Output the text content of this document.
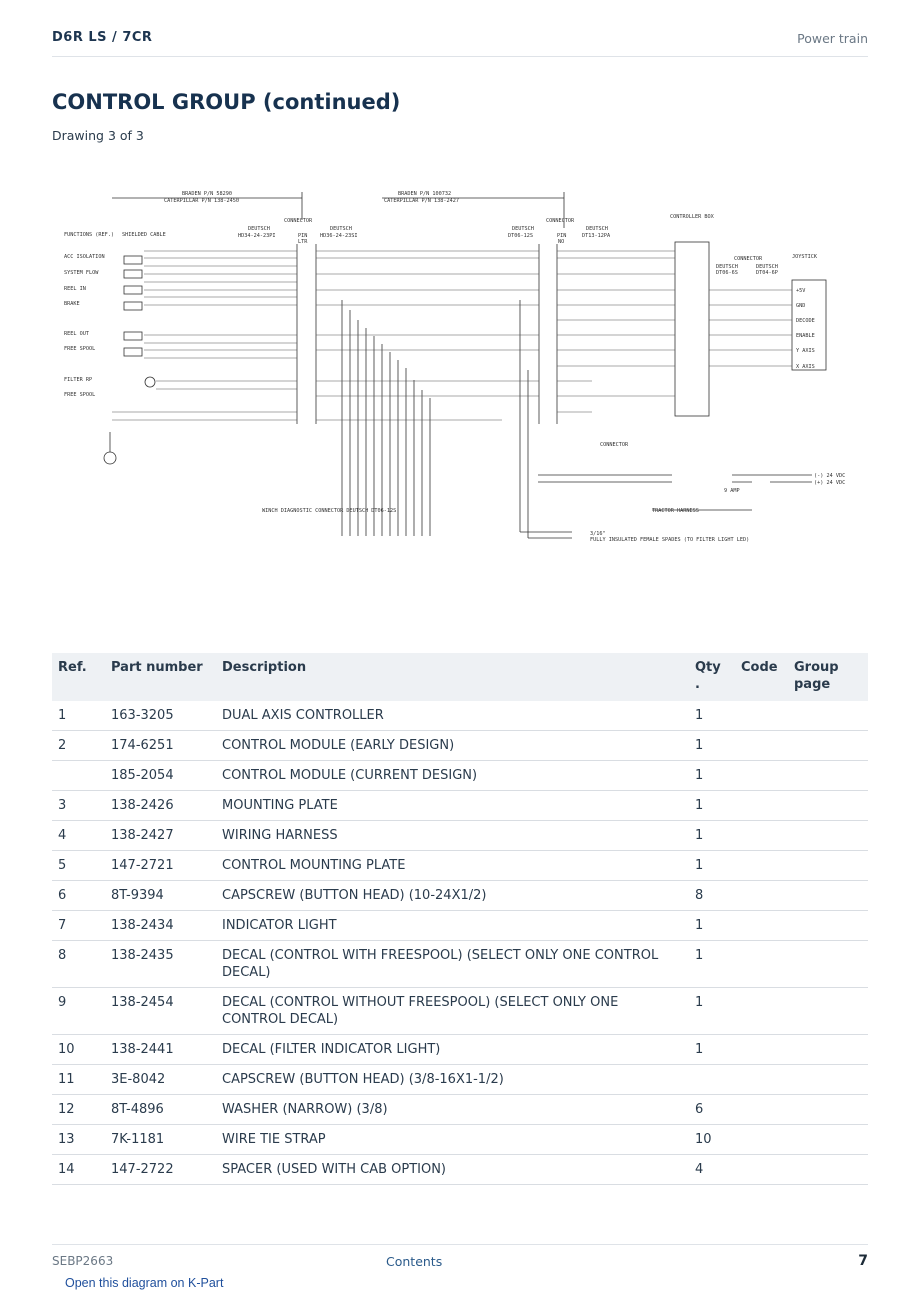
D6R LS / 7CR	Power train
CONTROL GROUP (continued)
Drawing 3 of 3
BRADEN P/N 58290
CATERPILLAR P/N 138-2450
BRADEN P/N 100732
CATERPILLAR P/N 138-2427
CONNECTOR
DEUTSCH	DEUTSCH
HD34-24-23PI	HD36-24-23SI
PIN
LTR
CONNECTOR
DEUTSCH	DEUTSCH
DT06-12S	DT13-12PA
PIN
NO
CONTROLLER BOX
CONNECTOR
DEUTSCH	DEUTSCH
DT06-6S	DT04-6P
JOYSTICK
FUNCTIONS (REF.) SHIELDED CABLE
ACC ISOLATION
SYSTEM FLOW
REEL IN
BRAKE
REEL OUT
FREE SPOOL
FILTER RP
FREE SPOOL
+5V
GND
DECODE
ENABLE
Y AXIS
X AXIS
CONNECTOR
(-) 24 VDC
(+) 24 VDC
9 AMP
TRACTOR HARNESS
WINCH DIAGNOSTIC CONNECTOR DEUTSCH DT06-12S
3/16"
FULLY INSULATED FEMALE SPADES (TO FILTER LIGHT LED)
Ref.	Part number	Description	Qty .	Code	Group page
1	163-3205	DUAL AXIS CONTROLLER	1		
2	174-6251	CONTROL MODULE (EARLY DESIGN)	1		
	185-2054	CONTROL MODULE (CURRENT DESIGN)	1		
3	138-2426	MOUNTING PLATE	1		
4	138-2427	WIRING HARNESS	1		
5	147-2721	CONTROL MOUNTING PLATE	1		
6	8T-9394	CAPSCREW (BUTTON HEAD) (10-24X1/2)	8		
7	138-2434	INDICATOR LIGHT	1		
8	138-2435	DECAL (CONTROL WITH FREESPOOL) (SELECT ONLY ONE CONTROL DECAL)	1		
9	138-2454	DECAL (CONTROL WITHOUT FREESPOOL) (SELECT ONLY ONE CONTROL DECAL)	1		
10	138-2441	DECAL (FILTER INDICATOR LIGHT)	1		
11	3E-8042	CAPSCREW (BUTTON HEAD) (3/8-16X1-1/2)			
12	8T-4896	WASHER (NARROW) (3/8)	6		
13	7K-1181	WIRE TIE STRAP	10		
14	147-2722	SPACER (USED WITH CAB OPTION)	4		
SEBP2663	Contents	7
Open this diagram on K-Part
